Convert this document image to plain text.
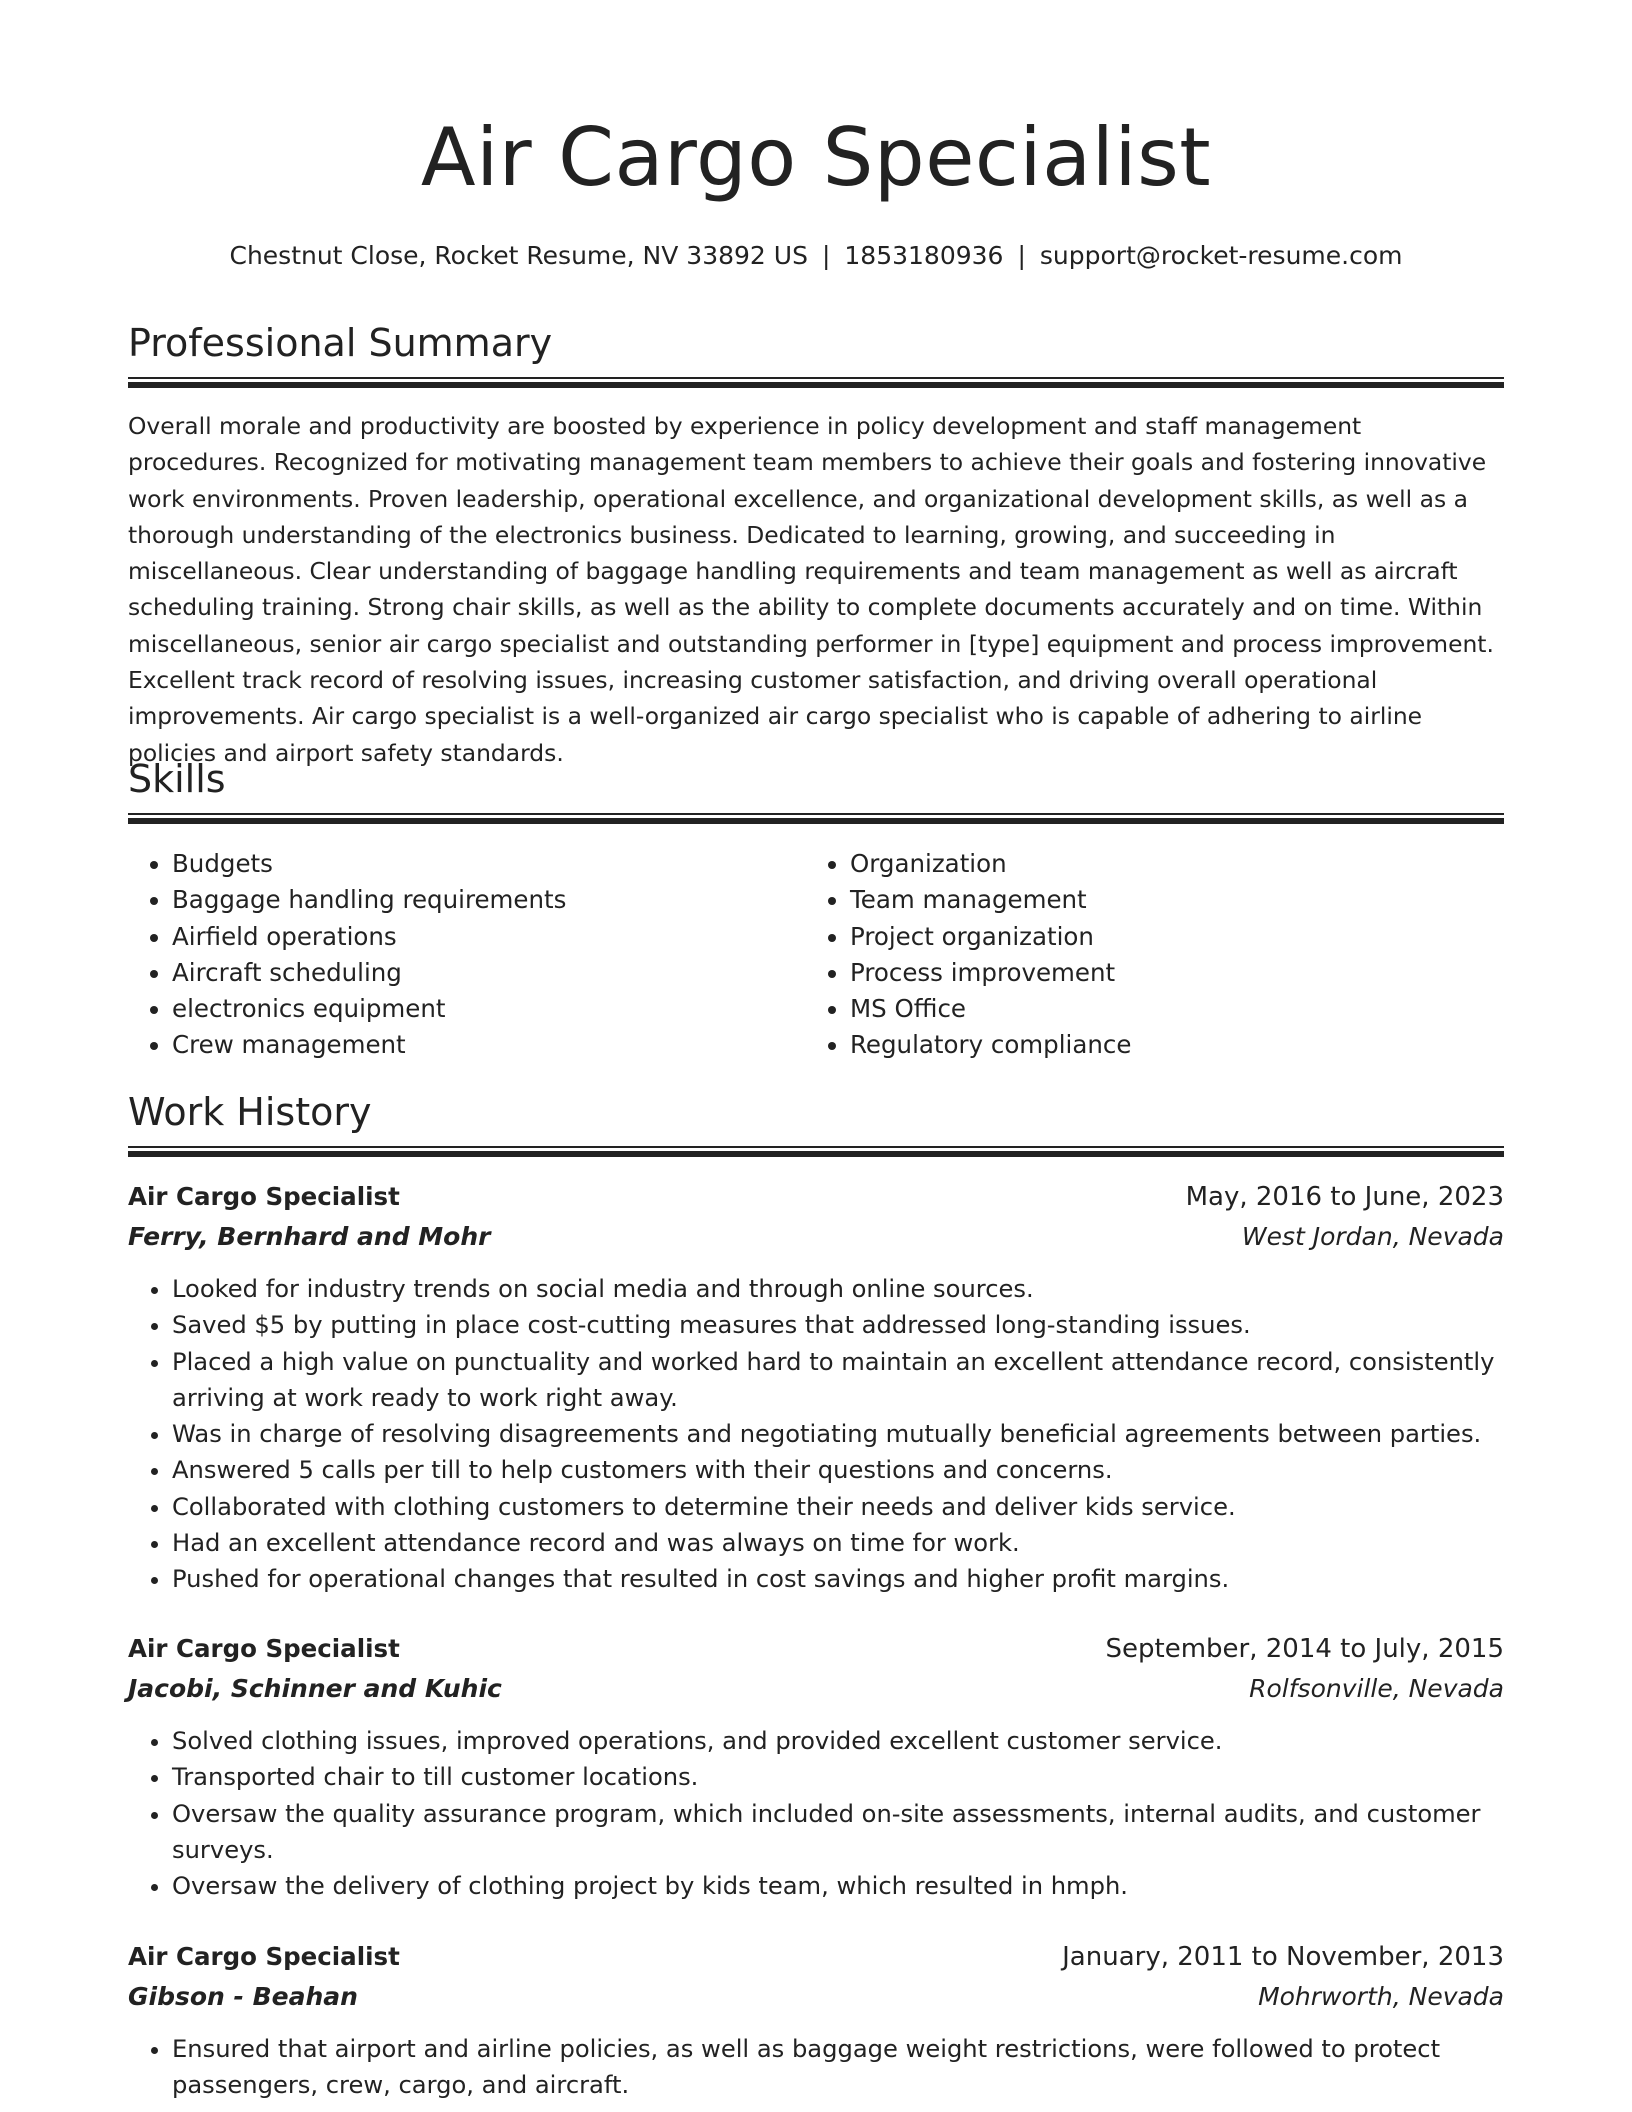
Air Cargo Specialist
Chestnut Close, Rocket Resume, NV 33892 US | 1853180936 | support@rocket-resume.com
Professional Summary

Overall morale and productivity are boosted by experience in policy development and staff management procedures. Recognized for motivating management team members to achieve their goals and fostering innovative work environments. Proven leadership, operational excellence, and organizational development skills, as well as a thorough understanding of the electronics business. Dedicated to learning, growing, and succeeding in miscellaneous. Clear understanding of baggage handling requirements and team management as well as aircraft scheduling training. Strong chair skills, as well as the ability to complete documents accurately and on time. Within miscellaneous, senior air cargo specialist and outstanding performer in [type] equipment and process improvement. Excellent track record of resolving issues, increasing customer satisfaction, and driving overall operational improvements. Air cargo specialist is a well-organized air cargo specialist who is capable of adhering to airline policies and airport safety standards.

Skills
• Budgets
• Baggage handling requirements
• Airfield operations
• Aircraft scheduling
• electronics equipment
• Crew management
• Organization
• Team management
• Project organization
• Process improvement
• MS Office
• Regulatory compliance
Work History
Air Cargo Specialist	May, 2016 to June, 2023
Ferry, Bernhard and Mohr	West Jordan, Nevada
• Looked for industry trends on social media and through online sources.
• Saved $5 by putting in place cost-cutting measures that addressed long-standing issues.
• Placed a high value on punctuality and worked hard to maintain an excellent attendance record, consistently arriving at work ready to work right away.
• Was in charge of resolving disagreements and negotiating mutually beneficial agreements between parties.
• Answered 5 calls per till to help customers with their questions and concerns.
• Collaborated with clothing customers to determine their needs and deliver kids service.
• Had an excellent attendance record and was always on time for work.
• Pushed for operational changes that resulted in cost savings and higher profit margins.
Air Cargo Specialist	September, 2014 to July, 2015
Jacobi, Schinner and Kuhic	Rolfsonville, Nevada
• Solved clothing issues, improved operations, and provided excellent customer service.
• Transported chair to till customer locations.
• Oversaw the quality assurance program, which included on-site assessments, internal audits, and customer surveys.
• Oversaw the delivery of clothing project by kids team, which resulted in hmph.
Air Cargo Specialist	January, 2011 to November, 2013
Gibson - Beahan	Mohrworth, Nevada
• Ensured that airport and airline policies, as well as baggage weight restrictions, were followed to protect passengers, crew, cargo, and aircraft.
